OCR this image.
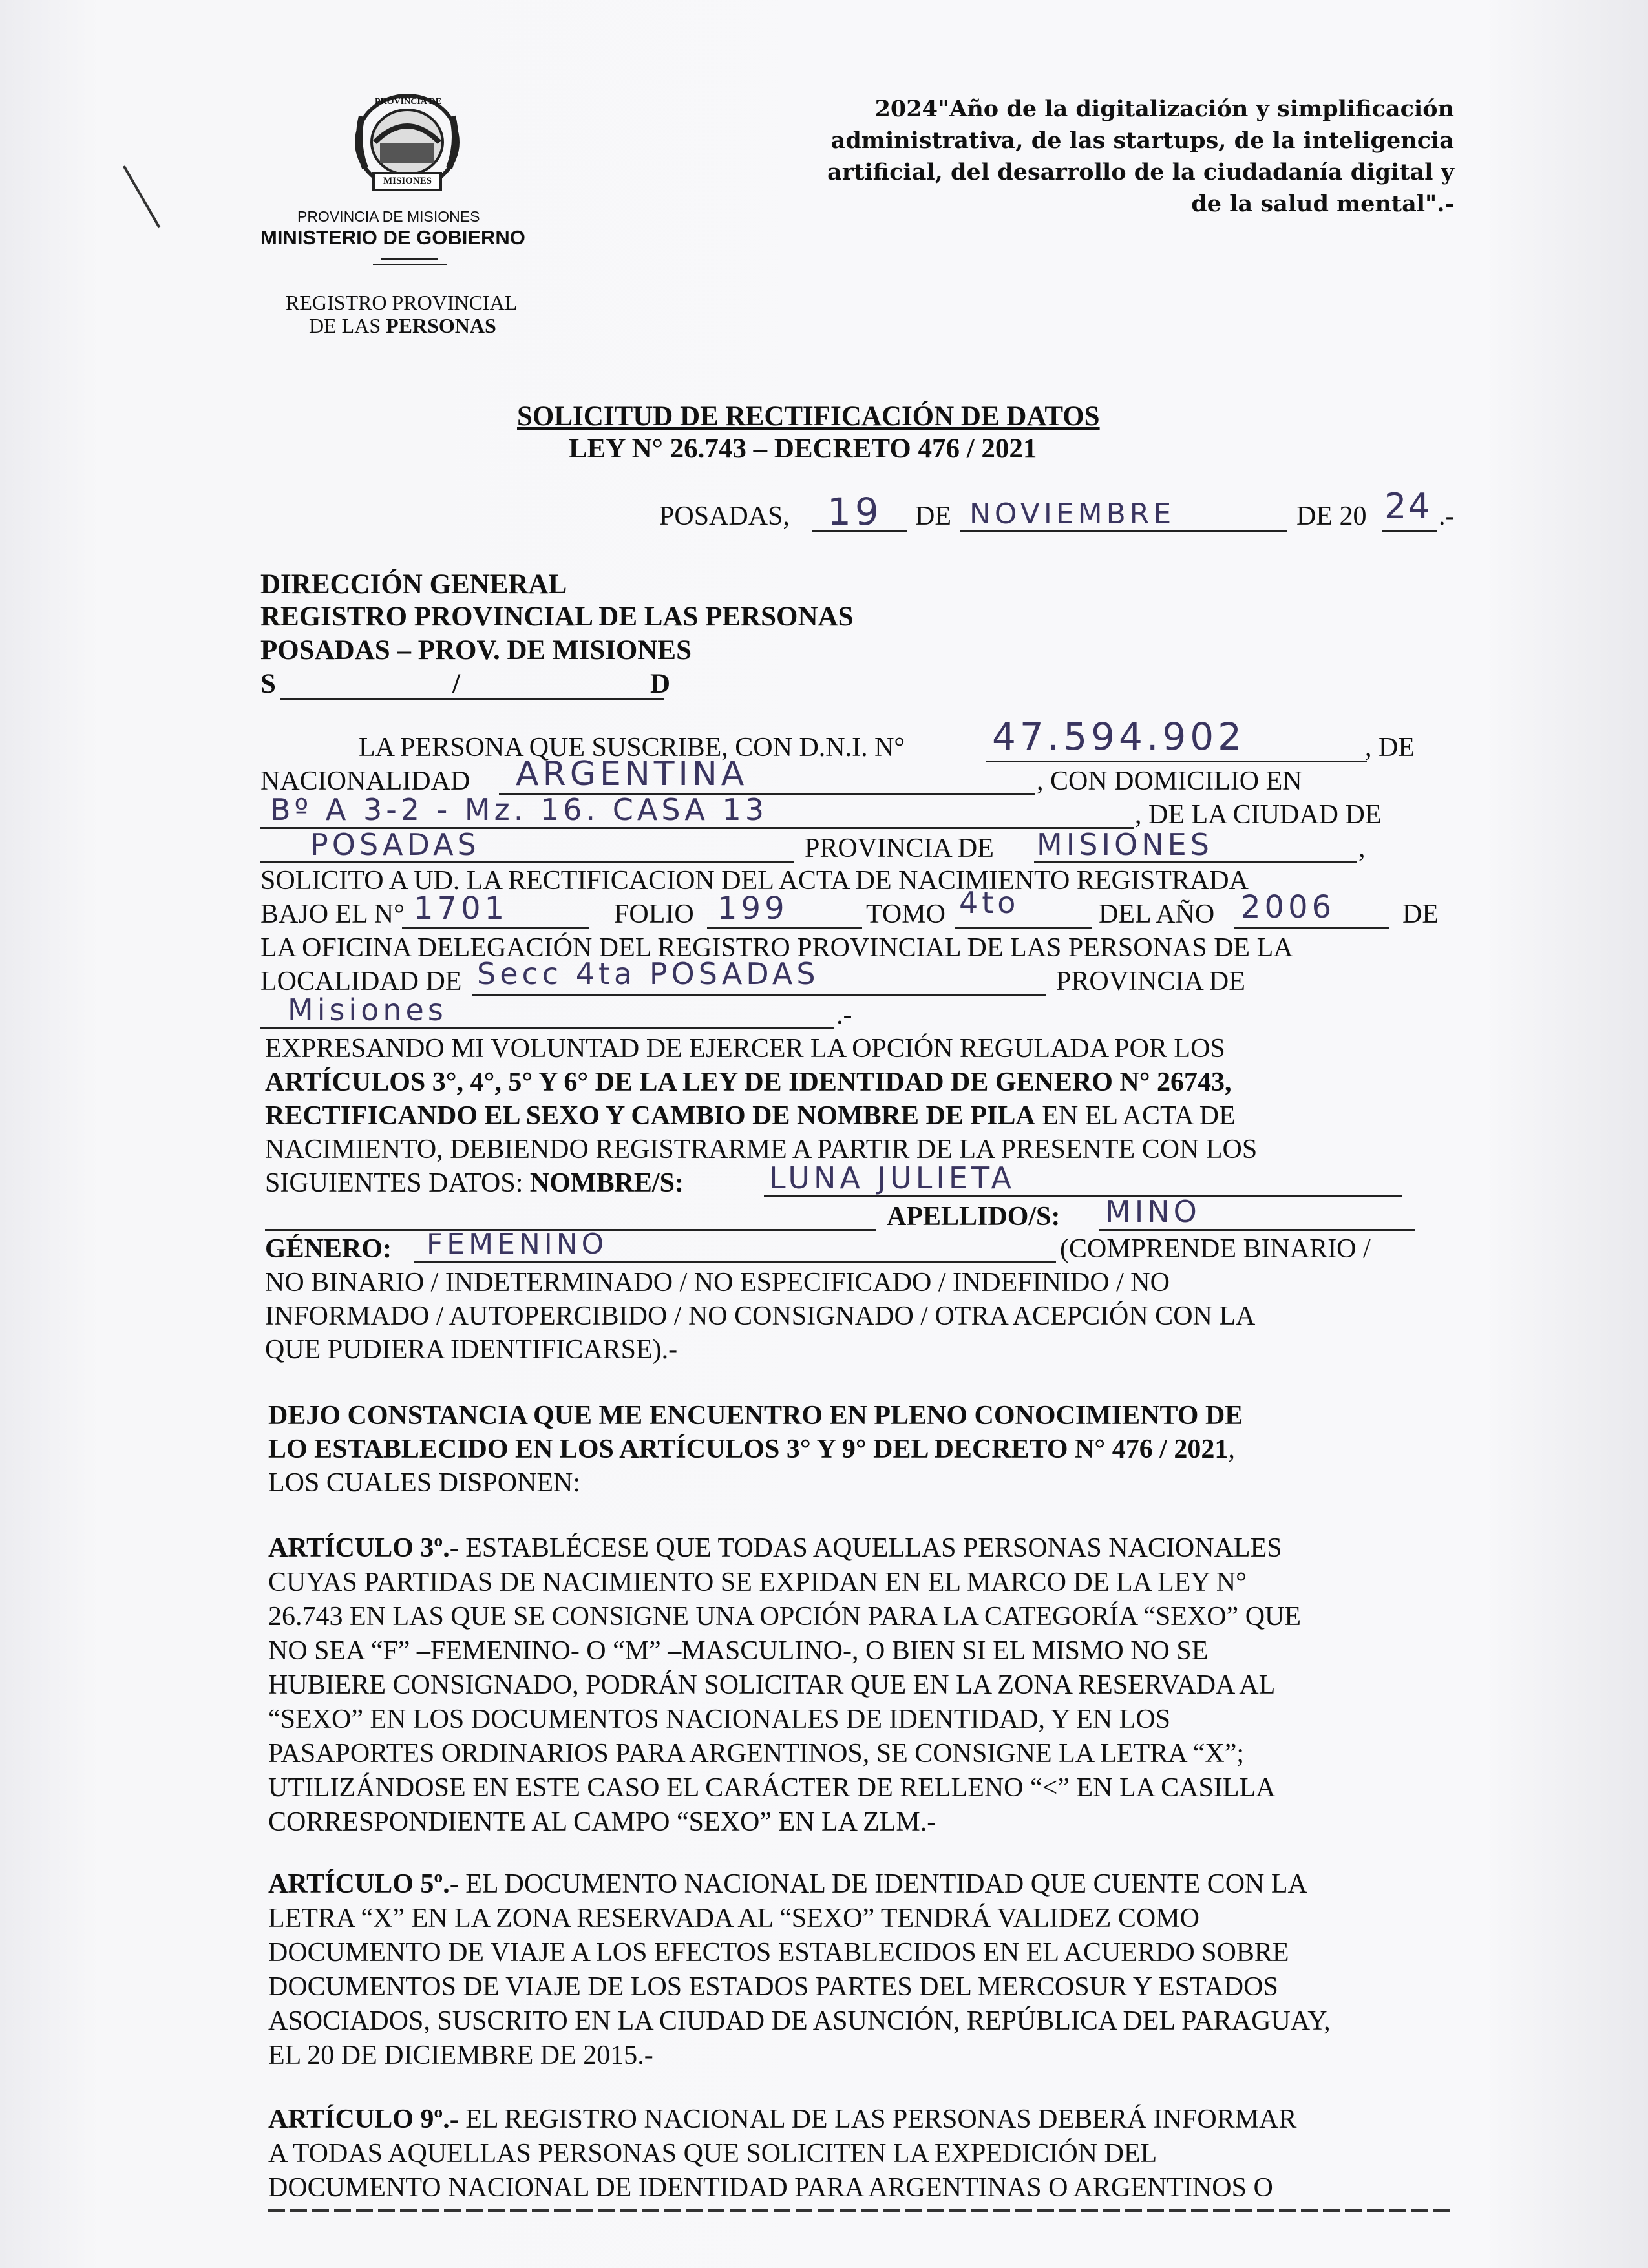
PROVINCIA DE
MISIONES
PROVINCIA DE MISIONES
MINISTERIO DE GOBIERNO
REGISTRO PROVINCIAL
DE LAS PERSONAS
2024"Año de la digitalización y simplificación
administrativa, de las startups, de la inteligencia
artificial, del desarrollo de la ciudadanía digital y
de la salud mental".-
SOLICITUD DE RECTIFICACIÓN DE DATOS
LEY N° 26.743 – DECRETO 476 / 2021
POSADAS, 19 DE NOVIEMBRE	DE 20 24 .-
DIRECCIÓN GENERAL
REGISTRO PROVINCIAL DE LAS PERSONAS
POSADAS – PROV. DE MISIONES
S	/	D
LA PERSONA QUE SUSCRIBE, CON D.N.I. N° 47.594.902	, DE
NACIONALIDAD ARGENTINA	, CON DOMICILIO EN
Bº A 3-2 - Mz. 16. CASA 13	, DE LA CIUDAD DE
POSADAS	PROVINCIA DE MISIONES	,
SOLICITO A UD. LA RECTIFICACION DEL ACTA DE NACIMIENTO REGISTRADA
BAJO EL N° 1701	FOLIO 199	TOMO 4to	DEL AÑO 2006 DE
LA OFICINA DELEGACIÓN DEL REGISTRO PROVINCIAL DE LAS PERSONAS DE LA
LOCALIDAD DE Secc 4ta POSADAS	PROVINCIA DE
Misiones	.-
EXPRESANDO MI VOLUNTAD DE EJERCER LA OPCIÓN REGULADA POR LOS
ARTÍCULOS 3°, 4°, 5° Y 6° DE LA LEY DE IDENTIDAD DE GENERO N° 26743,
RECTIFICANDO EL SEXO Y CAMBIO DE NOMBRE DE PILA EN EL ACTA DE
NACIMIENTO, DEBIENDO REGISTRARME A PARTIR DE LA PRESENTE CON LOS
SIGUIENTES DATOS: NOMBRE/S:	LUNA JULIETA
APELLIDO/S: MINO
GÉNERO: FEMENINO	(COMPRENDE BINARIO /
NO BINARIO / INDETERMINADO / NO ESPECIFICADO / INDEFINIDO / NO
INFORMADO / AUTOPERCIBIDO / NO CONSIGNADO / OTRA ACEPCIÓN CON LA
QUE PUDIERA IDENTIFICARSE).-
DEJO CONSTANCIA QUE ME ENCUENTRO EN PLENO CONOCIMIENTO DE
LO ESTABLECIDO EN LOS ARTÍCULOS 3° Y 9° DEL DECRETO N° 476 / 2021,
LOS CUALES DISPONEN:
ARTÍCULO 3º.- ESTABLÉCESE QUE TODAS AQUELLAS PERSONAS NACIONALES
CUYAS PARTIDAS DE NACIMIENTO SE EXPIDAN EN EL MARCO DE LA LEY N°
26.743 EN LAS QUE SE CONSIGNE UNA OPCIÓN PARA LA CATEGORÍA “SEXO” QUE
NO SEA “F” –FEMENINO- O “M” –MASCULINO-, O BIEN SI EL MISMO NO SE
HUBIERE CONSIGNADO, PODRÁN SOLICITAR QUE EN LA ZONA RESERVADA AL
“SEXO” EN LOS DOCUMENTOS NACIONALES DE IDENTIDAD, Y EN LOS
PASAPORTES ORDINARIOS PARA ARGENTINOS, SE CONSIGNE LA LETRA “X”;
UTILIZÁNDOSE EN ESTE CASO EL CARÁCTER DE RELLENO “<” EN LA CASILLA
CORRESPONDIENTE AL CAMPO “SEXO” EN LA ZLM.-
ARTÍCULO 5º.- EL DOCUMENTO NACIONAL DE IDENTIDAD QUE CUENTE CON LA
LETRA “X” EN LA ZONA RESERVADA AL “SEXO” TENDRÁ VALIDEZ COMO
DOCUMENTO DE VIAJE A LOS EFECTOS ESTABLECIDOS EN EL ACUERDO SOBRE
DOCUMENTOS DE VIAJE DE LOS ESTADOS PARTES DEL MERCOSUR Y ESTADOS
ASOCIADOS, SUSCRITO EN LA CIUDAD DE ASUNCIÓN, REPÚBLICA DEL PARAGUAY,
EL 20 DE DICIEMBRE DE 2015.-
ARTÍCULO 9º.- EL REGISTRO NACIONAL DE LAS PERSONAS DEBERÁ INFORMAR
A TODAS AQUELLAS PERSONAS QUE SOLICITEN LA EXPEDICIÓN DEL
DOCUMENTO NACIONAL DE IDENTIDAD PARA ARGENTINAS O ARGENTINOS O
